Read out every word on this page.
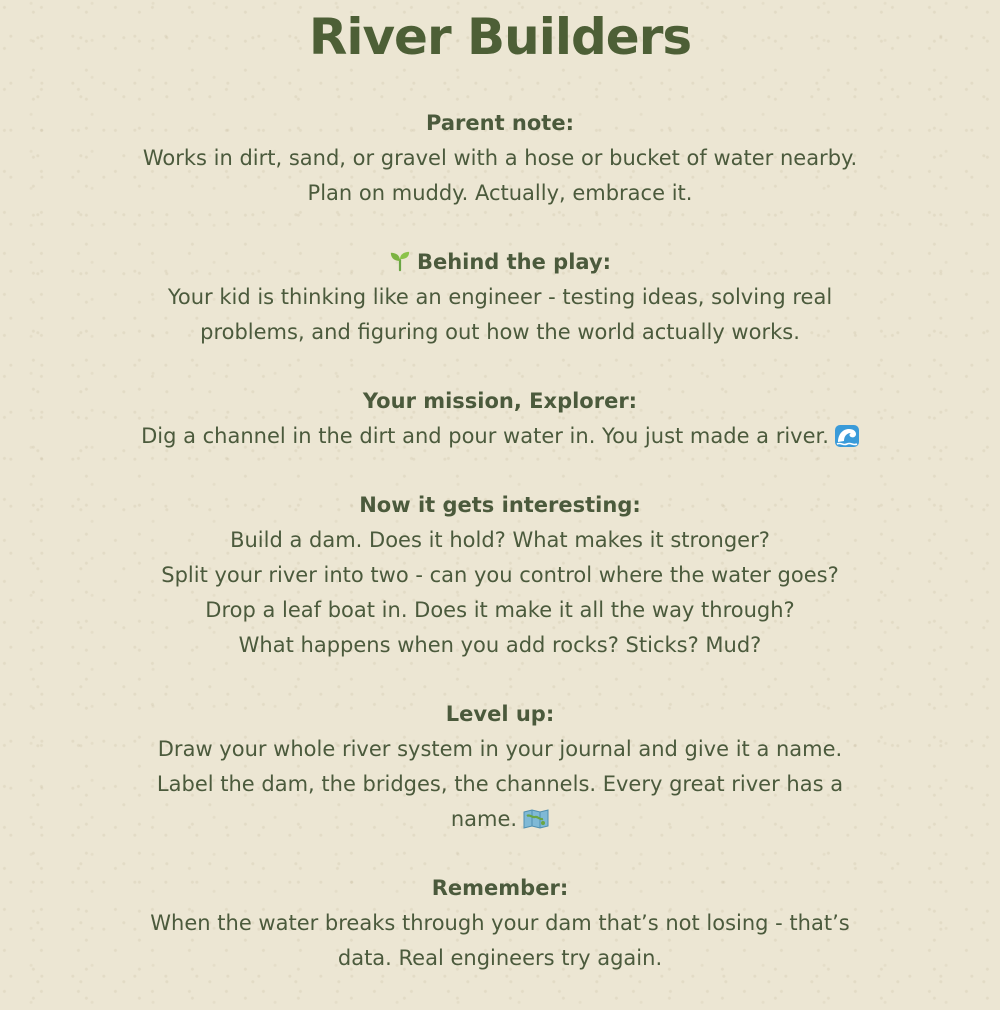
River Builders
Parent note:
Works in dirt, sand, or gravel with a hose or bucket of water nearby.
Plan on muddy. Actually, embrace it.
Behind the play:
Your kid is thinking like an engineer - testing ideas, solving real
problems, and figuring out how the world actually works.
Your mission, Explorer:
Dig a channel in the dirt and pour water in. You just made a river.
Now it gets interesting:
Build a dam. Does it hold? What makes it stronger?
Split your river into two - can you control where the water goes?
Drop a leaf boat in. Does it make it all the way through?
What happens when you add rocks? Sticks? Mud?
Level up:
Draw your whole river system in your journal and give it a name.
Label the dam, the bridges, the channels. Every great river has a
name.
Remember:
When the water breaks through your dam that’s not losing - that’s
data. Real engineers try again.
